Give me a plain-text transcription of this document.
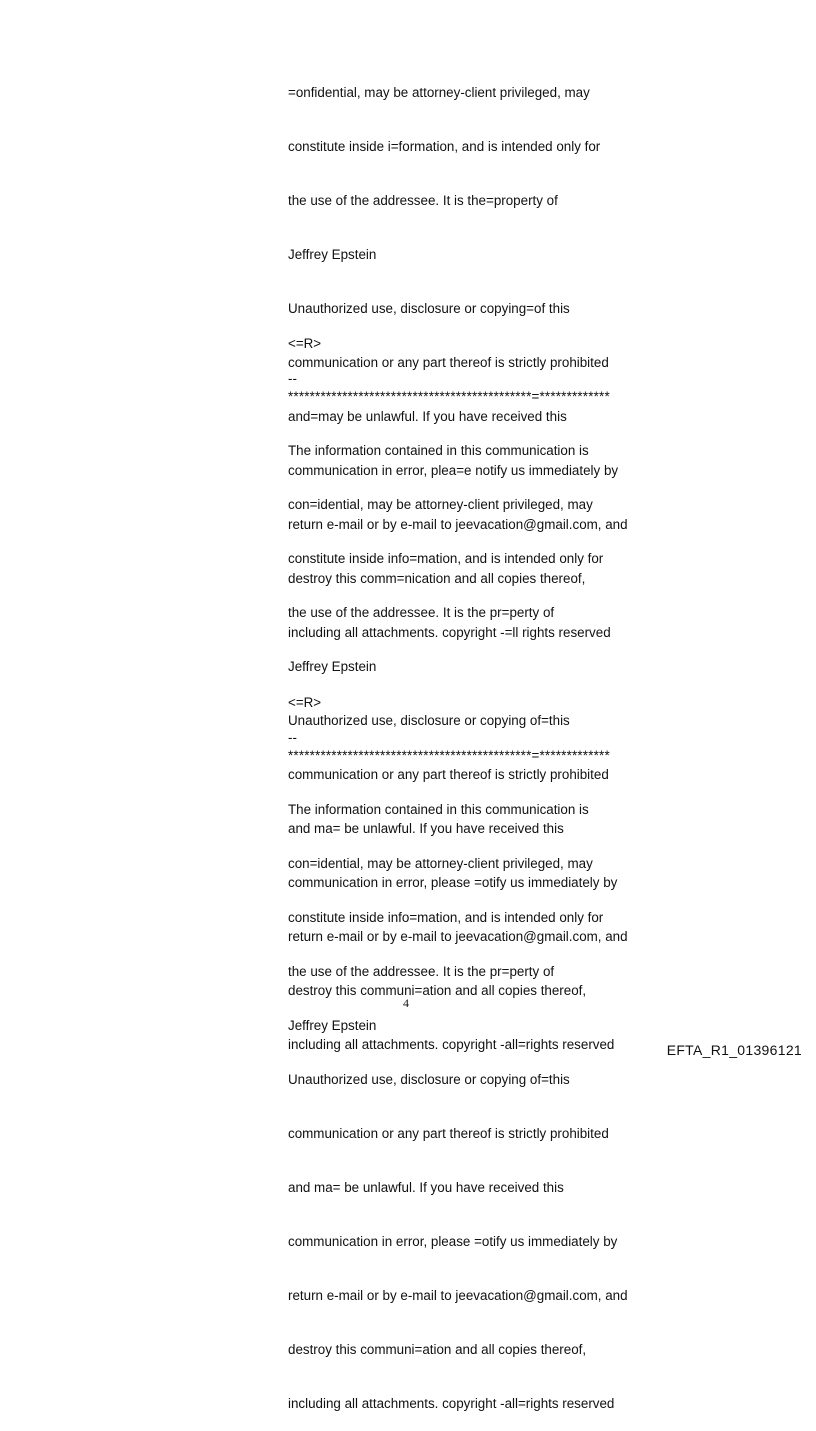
=onfidential, may be attorney-client privileged, may

constitute inside i=formation, and is intended only for

the use of the addressee. It is the=property of

Jeffrey Epstein

Unauthorized use, disclosure or copying=of this

communication or any part thereof is strictly prohibited

and=may be unlawful. If you have received this

communication in error, plea=e notify us immediately by

return e-mail or by e-mail to jeevacation@gmail.com, and

destroy this comm=nication and all copies thereof,

including all attachments. copyright -=ll rights reserved

<=R>
--
*********************************************=*************

The information contained in this communication is

con=idential, may be attorney-client privileged, may

constitute inside info=mation, and is intended only for

the use of the addressee. It is the pr=perty of

Jeffrey Epstein

Unauthorized use, disclosure or copying of=this

communication or any part thereof is strictly prohibited

and ma= be unlawful. If you have received this

communication in error, please =otify us immediately by

return e-mail or by e-mail to jeevacation@gmail.com, and

destroy this communi=ation and all copies thereof,

including all attachments. copyright -all=rights reserved

<=R>
--
*********************************************=*************

The information contained in this communication is

con=idential, may be attorney-client privileged, may

constitute inside info=mation, and is intended only for

the use of the addressee. It is the pr=perty of

Jeffrey Epstein

Unauthorized use, disclosure or copying of=this

communication or any part thereof is strictly prohibited

and ma= be unlawful. If you have received this

communication in error, please =otify us immediately by

return e-mail or by e-mail to jeevacation@gmail.com, and

destroy this communi=ation and all copies thereof,

including all attachments. copyright -all=rights reserved

4
EFTA_R1_01396121
